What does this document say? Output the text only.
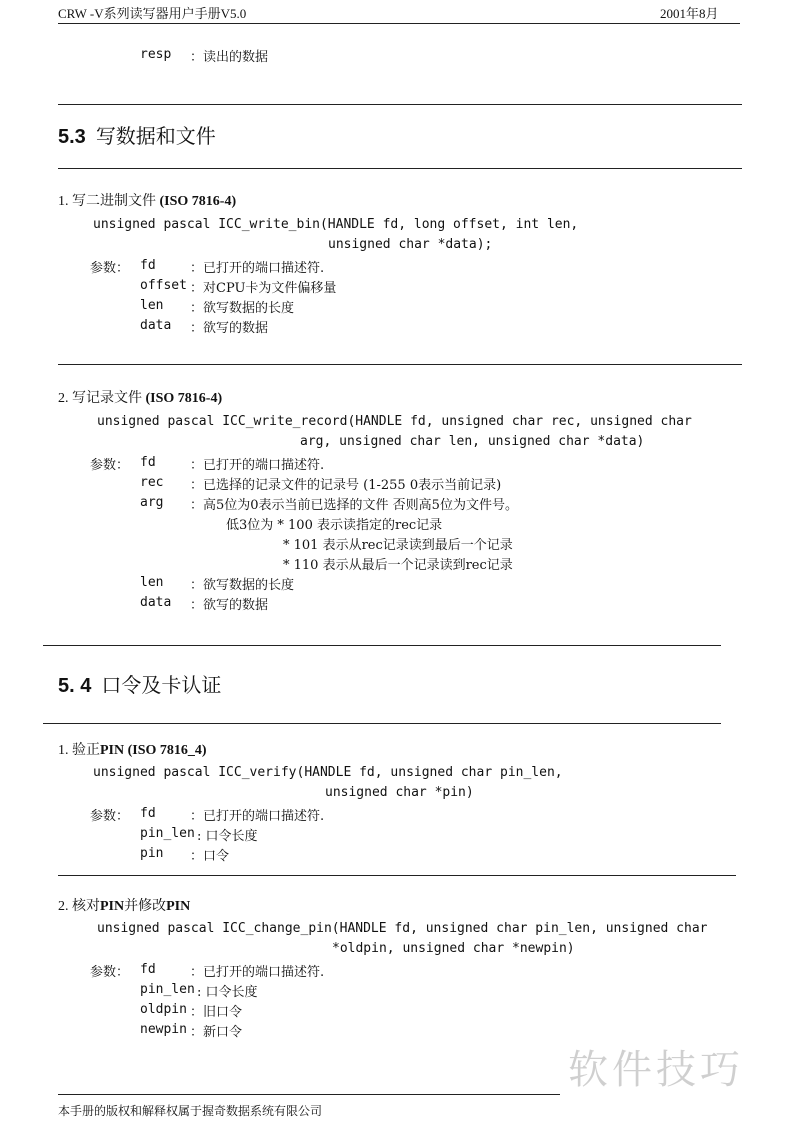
CRW -V系列读写器用户手册V5.0	2001年8月
resp ：读出的数据
5.3 写数据和文件
1. 写二进制文件 (ISO 7816-4)
unsigned pascal ICC_write_bin(HANDLE fd, long offset, int len,
unsigned char *data);
参数： fd	：已打开的端口描述符.
offset ：对CPU卡为文件偏移量
len ：欲写数据的长度
data ：欲写的数据
2. 写记录文件 (ISO 7816-4)
unsigned pascal ICC_write_record(HANDLE fd, unsigned char rec, unsigned char
arg, unsigned char len, unsigned char *data)
参数： fd	：已打开的端口描述符.
rec ：已选择的记录文件的记录号 (1-255 0表示当前记录)
arg ：高5位为0表示当前已选择的文件 否则高5位为文件号。
低3位为 * 100 表示读指定的rec记录
* 101 表示从rec记录读到最后一个记录
* 110 表示从最后一个记录读到rec记录
len ：欲写数据的长度
data ：欲写的数据
5. 4 口令及卡认证
1. 验正PIN (ISO 7816_4)
unsigned pascal ICC_verify(HANDLE fd, unsigned char pin_len,
unsigned char *pin)
参数： fd	：已打开的端口描述符.
pin_len : 口令长度
pin ：口令
2. 核对PIN并修改PIN
unsigned pascal ICC_change_pin(HANDLE fd, unsigned char pin_len, unsigned char
*oldpin, unsigned char *newpin)
参数： fd	：已打开的端口描述符.
pin_len : 口令长度
oldpin ：旧口令
newpin ：新口令
软件技巧
本手册的版权和解释权属于握奇数据系统有限公司
